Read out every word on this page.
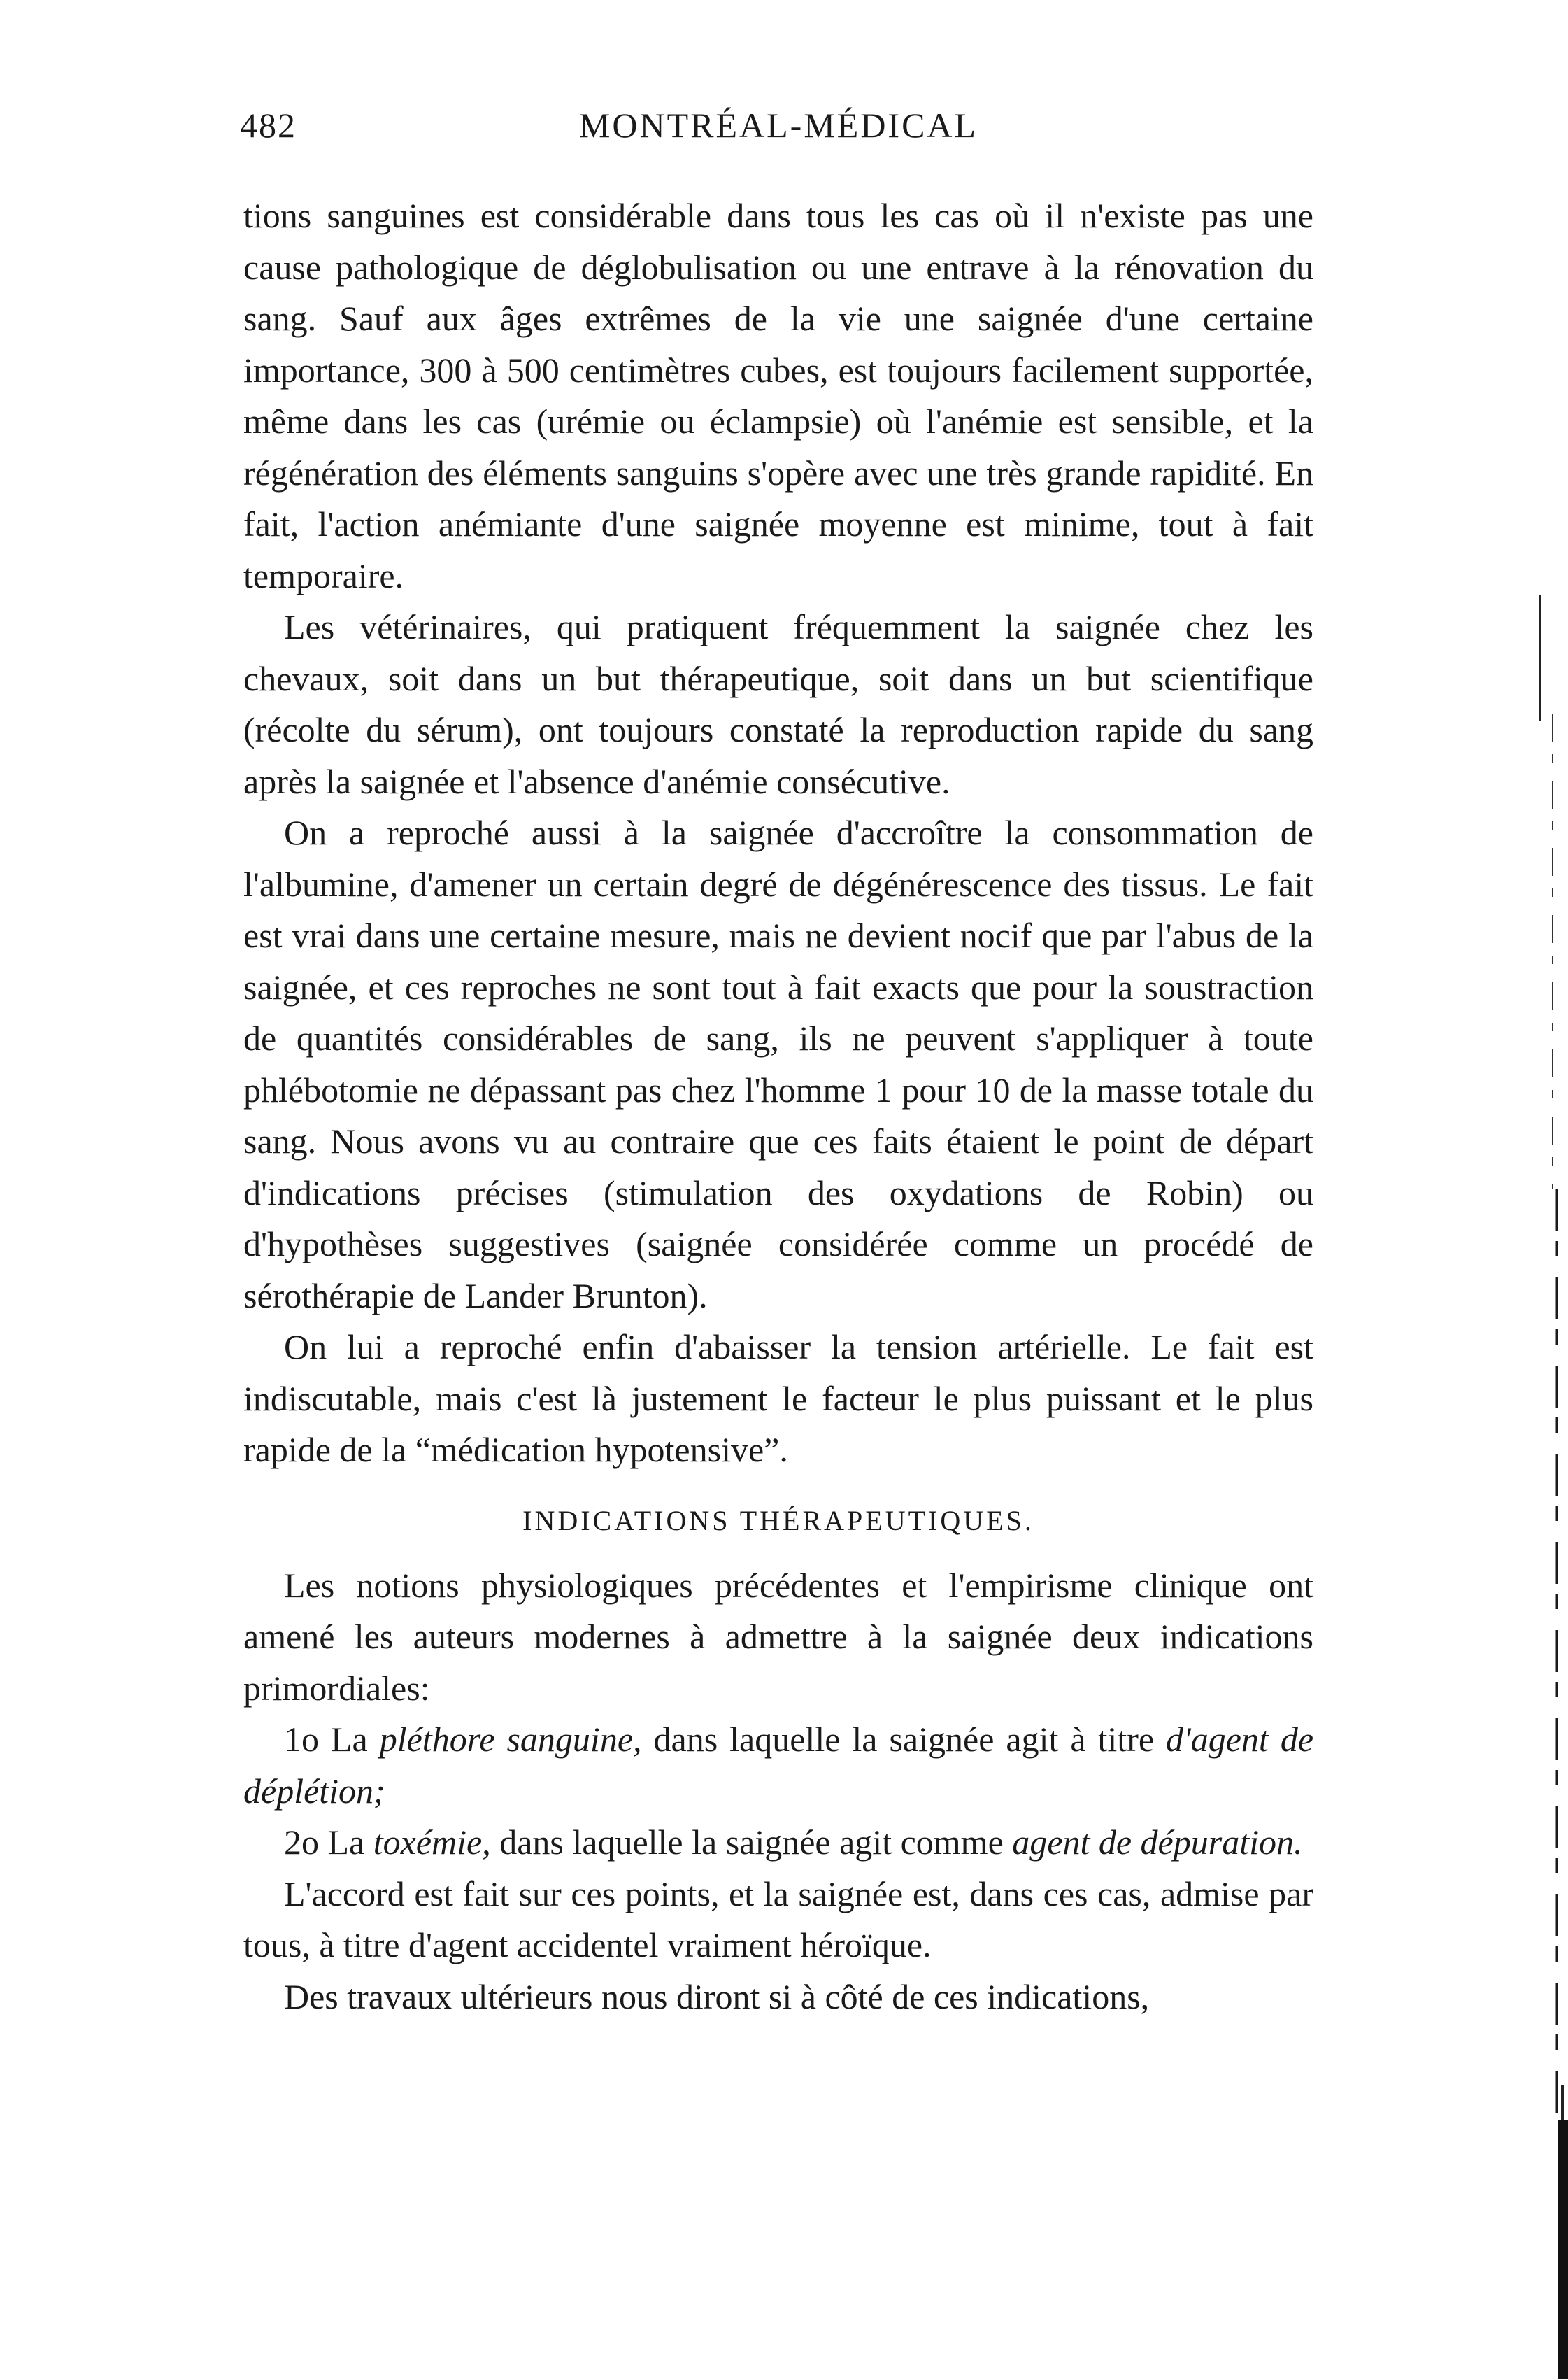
482	MONTRÉAL-MÉDICAL

tions sanguines est considérable dans tous les cas où il n'existe pas une cause pathologique de déglobulisation ou une entrave à la rénovation du sang. Sauf aux âges extrêmes de la vie une saignée d'une certaine importance, 300 à 500 centimètres cubes, est toujours facilement supportée, même dans les cas (urémie ou éclampsie) où l'anémie est sensible, et la régénération des éléments sanguins s'opère avec une très grande rapidité. En fait, l'action anémiante d'une saignée moyenne est minime, tout à fait temporaire.

Les vétérinaires, qui pratiquent fréquemment la saignée chez les chevaux, soit dans un but thérapeutique, soit dans un but scientifique (récolte du sérum), ont toujours constaté la reproduction rapide du sang après la saignée et l'absence d'anémie consécutive.

On a reproché aussi à la saignée d'accroître la consommation de l'albumine, d'amener un certain degré de dégénérescence des tissus. Le fait est vrai dans une certaine mesure, mais ne devient nocif que par l'abus de la saignée, et ces reproches ne sont tout à fait exacts que pour la soustraction de quantités considérables de sang, ils ne peuvent s'appliquer à toute phlébotomie ne dépassant pas chez l'homme 1 pour 10 de la masse totale du sang. Nous avons vu au contraire que ces faits étaient le point de départ d'indications précises (stimulation des oxydations de Robin) ou d'hypothèses suggestives (saignée considérée comme un procédé de sérothérapie de Lander Brunton).

On lui a reproché enfin d'abaisser la tension artérielle. Le fait est indiscutable, mais c'est là justement le facteur le plus puissant et le plus rapide de la “médication hypotensive”.

INDICATIONS THÉRAPEUTIQUES.

Les notions physiologiques précédentes et l'empirisme clinique ont amené les auteurs modernes à admettre à la saignée deux indications primordiales:

1o La pléthore sanguine, dans laquelle la saignée agit à titre d'agent de déplétion;

2o La toxémie, dans laquelle la saignée agit comme agent de dépuration.

L'accord est fait sur ces points, et la saignée est, dans ces cas, admise par tous, à titre d'agent accidentel vraiment héroïque.

Des travaux ultérieurs nous diront si à côté de ces indications,
